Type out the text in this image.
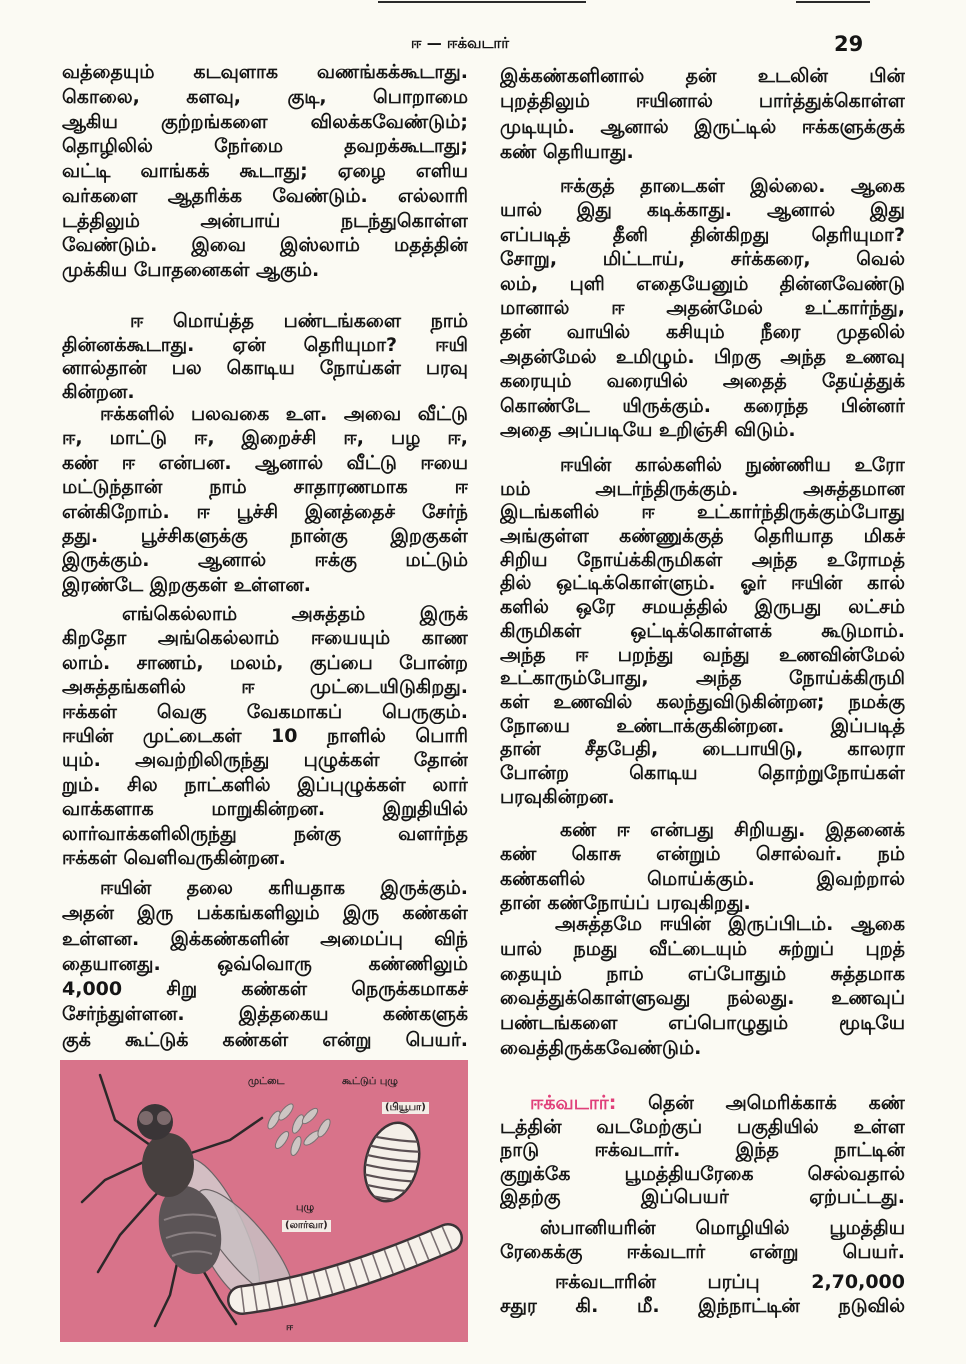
ஈ — ஈக்வடார்	29
வத்தையும் கடவுளாக வணங்கக்கூடாது.
கொலை, களவு, குடி, பொறாமை
ஆகிய குற்றங்களை விலக்கவேண்டும்;
தொழிலில் நேர்மை தவறக்கூடாது;
வட்டி வாங்கக் கூடாது; ஏழை எளிய
வர்களை ஆதரிக்க வேண்டும். எல்லாரி
டத்திலும் அன்பாய் நடந்துகொள்ள
வேண்டும். இவை இஸ்லாம் மதத்தின்
முக்கிய போதனைகள் ஆகும்.
ஈ மொய்த்த பண்டங்களை நாம்
தின்னக்கூடாது. ஏன் தெரியுமா? ஈயி
னால்தான் பல கொடிய நோய்கள் பரவு
கின்றன.
ஈக்களில் பலவகை உள. அவை வீட்டு
ஈ, மாட்டு ஈ, இறைச்சி ஈ, பழ ஈ,
கண் ஈ என்பன. ஆனால் வீட்டு ஈயை
மட்டுந்தான் நாம் சாதாரணமாக ஈ
என்கிறோம். ஈ பூச்சி இனத்தைச் சேர்ந்
தது. பூச்சிகளுக்கு நான்கு இறகுகள்
இருக்கும். ஆனால் ஈக்கு மட்டும்
இரண்டே இறகுகள் உள்ளன.
எங்கெல்லாம் அசுத்தம் இருக்
கிறதோ அங்கெல்லாம் ஈயையும் காண
லாம். சாணம், மலம், குப்பை போன்ற
அசுத்தங்களில் ஈ முட்டையிடுகிறது.
ஈக்கள் வெகு வேகமாகப் பெருகும்.
ஈயின் முட்டைகள் 10 நாளில் பொரி
யும். அவற்றிலிருந்து புழுக்கள் தோன்
றும். சில நாட்களில் இப்புழுக்கள் லார்
வாக்களாக மாறுகின்றன. இறுதியில்
லார்வாக்களிலிருந்து நன்கு வளர்ந்த
ஈக்கள் வெளிவருகின்றன.
ஈயின் தலை கரியதாக இருக்கும்.
அதன் இரு பக்கங்களிலும் இரு கண்கள்
உள்ளன. இக்கண்களின் அமைப்பு விந்
தையானது. ஒவ்வொரு கண்ணிலும்
4,000 சிறு கண்கள் நெருக்கமாகச்
சேர்ந்துள்ளன. இத்தகைய கண்களுக்
குக் கூட்டுக் கண்கள் என்று பெயர்.
முட்டை	கூட்டுப் புழு
(பியூபா)
புழு
(லார்வா)
ஈ
இக்கண்களினால் தன் உடலின் பின்
புறத்திலும் ஈயினால் பார்த்துக்கொள்ள
முடியும். ஆனால் இருட்டில் ஈக்களுக்குக்
கண் தெரியாது.
ஈக்குத் தாடைகள் இல்லை. ஆகை
யால் இது கடிக்காது. ஆனால் இது
எப்படித் தீனி தின்கிறது தெரியுமா?
சோறு, மிட்டாய், சர்க்கரை, வெல்
லம், புளி எதையேனும் தின்னவேண்டு
மானால் ஈ அதன்மேல் உட்கார்ந்து,
தன் வாயில் கசியும் நீரை முதலில்
அதன்மேல் உமிழும். பிறகு அந்த உணவு
கரையும் வரையில் அதைத் தேய்த்துக்
கொண்டே யிருக்கும். கரைந்த பின்னர்
அதை அப்படியே உறிஞ்சி விடும்.
ஈயின் கால்களில் நுண்ணிய உரோ
மம் அடர்ந்திருக்கும். அசுத்தமான
இடங்களில் ஈ உட்கார்ந்திருக்கும்போது
அங்குள்ள கண்ணுக்குத் தெரியாத மிகச்
சிறிய நோய்க்கிருமிகள் அந்த உரோமத்
தில் ஒட்டிக்கொள்ளும். ஓர் ஈயின் கால்
களில் ஒரே சமயத்தில் இருபது லட்சம்
கிருமிகள் ஒட்டிக்கொள்ளக் கூடுமாம்.
அந்த ஈ பறந்து வந்து உணவின்மேல்
உட்காரும்போது, அந்த நோய்க்கிருமி
கள் உணவில் கலந்துவிடுகின்றன; நமக்கு
நோயை உண்டாக்குகின்றன. இப்படித்
தான் சீதபேதி, டைபாயிடு, காலரா
போன்ற கொடிய தொற்றுநோய்கள்
பரவுகின்றன.
கண் ஈ என்பது சிறியது. இதனைக்
கண் கொசு என்றும் சொல்வர். நம்
கண்களில் மொய்க்கும். இவற்றால்
தான் கண்நோய்ப் பரவுகிறது.
அசுத்தமே ஈயின் இருப்பிடம். ஆகை
யால் நமது வீட்டையும் சுற்றுப் புறத்
தையும் நாம் எப்போதும் சுத்தமாக
வைத்துக்கொள்ளுவது நல்லது. உணவுப்
பண்டங்களை எப்பொழுதும் மூடியே
வைத்திருக்கவேண்டும்.
ஈக்வடார்: தென் அமெரிக்காக் கண்
டத்தின் வடமேற்குப் பகுதியில் உள்ள
நாடு ஈக்வடார். இந்த நாட்டின்
குறுக்கே பூமத்தியரேகை செல்வதால்
இதற்கு இப்பெயர் ஏற்பட்டது.
ஸ்பானியரின் மொழியில் பூமத்திய
ரேகைக்கு ஈக்வடார் என்று பெயர்.
ஈக்வடாரின் பரப்பு 2,70,000
சதுர கி. மீ. இந்நாட்டின் நடுவில்
